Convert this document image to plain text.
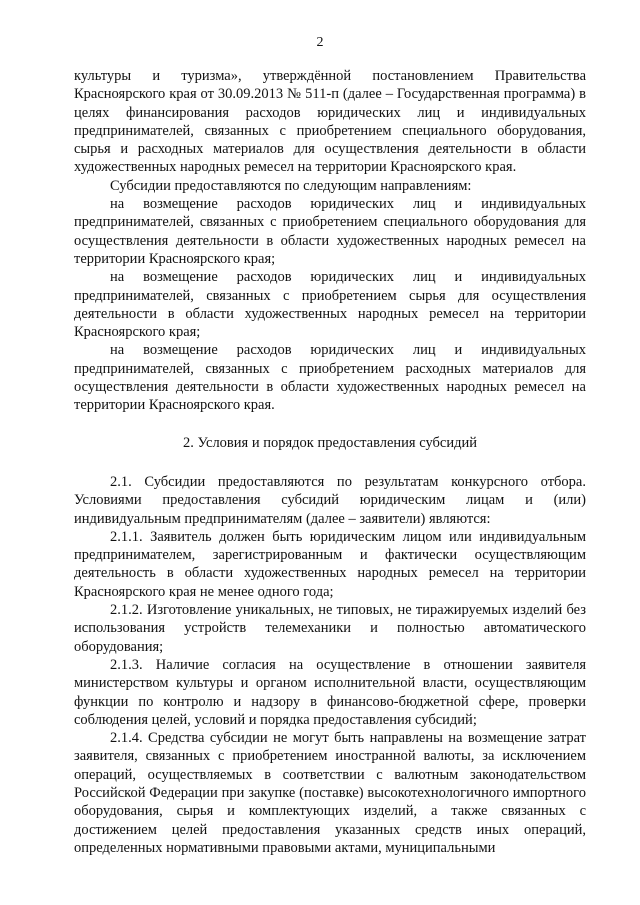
2

культуры и туризма», утверждённой постановлением Правительства Красноярского края от 30.09.2013 № 511-п (далее – Государственная программа) в целях финансирования расходов юридических лиц и индивидуальных предпринимателей, связанных с приобретением специального оборудования, сырья и расходных материалов для осуществления деятельности в области художественных народных ремесел на территории Красноярского края.

Субсидии предоставляются по следующим направлениям:

на возмещение расходов юридических лиц и индивидуальных предпринимателей, связанных с приобретением специального оборудования для осуществления деятельности в области художественных народных ремесел на территории Красноярского края;

на возмещение расходов юридических лиц и индивидуальных предпринимателей, связанных с приобретением сырья для осуществления деятельности в области художественных народных ремесел на территории Красноярского края;

на возмещение расходов юридических лиц и индивидуальных предпринимателей, связанных с приобретением расходных материалов для осуществления деятельности в области художественных народных ремесел на территории Красноярского края.

2. Условия и порядок предоставления субсидий

2.1. Субсидии предоставляются по результатам конкурсного отбора. Условиями предоставления субсидий юридическим лицам и (или) индивидуальным предпринимателям (далее – заявители) являются:

2.1.1. Заявитель должен быть юридическим лицом или индивидуальным предпринимателем, зарегистрированным и фактически осуществляющим деятельность в области художественных народных ремесел на территории Красноярского края не менее одного года;

2.1.2. Изготовление уникальных, не типовых, не тиражируемых изделий без использования устройств телемеханики и полностью автоматического оборудования;

2.1.3. Наличие согласия на осуществление в отношении заявителя министерством культуры и органом исполнительной власти, осуществляющим функции по контролю и надзору в финансово-бюджетной сфере, проверки соблюдения целей, условий и порядка предоставления субсидий;

2.1.4. Средства субсидии не могут быть направлены на возмещение затрат заявителя, связанных с приобретением иностранной валюты, за исключением операций, осуществляемых в соответствии с валютным законодательством Российской Федерации при закупке (поставке) высокотехнологичного импортного оборудования, сырья и комплектующих изделий, а также связанных с достижением целей предоставления указанных средств иных операций, определенных нормативными правовыми актами, муниципальными
